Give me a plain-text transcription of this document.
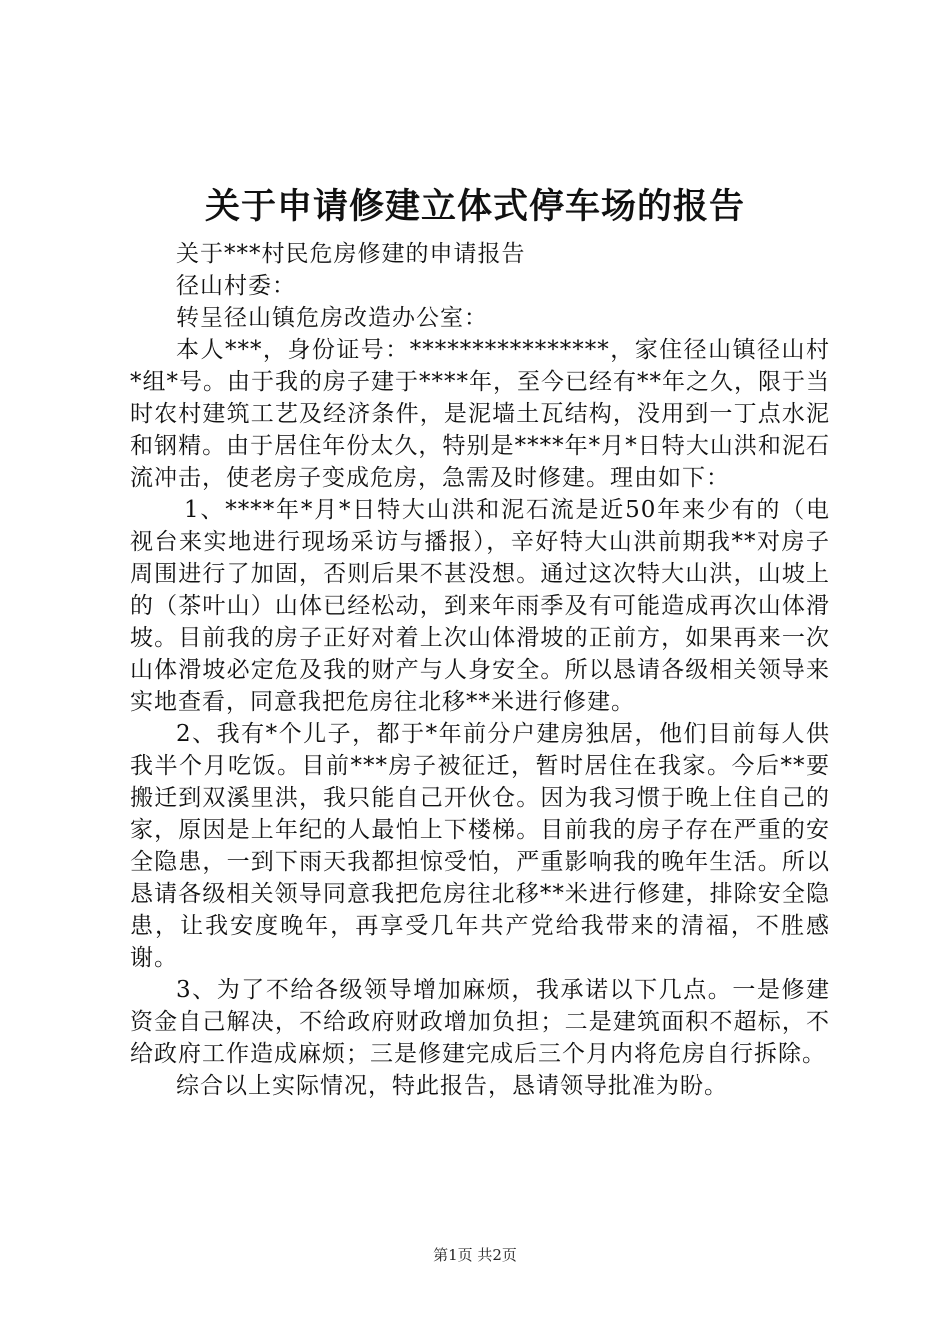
关于申请修建立体式停车场的报告

关于***村民危房修建的申请报告

径山村委：

转呈径山镇危房改造办公室：

本人***，身份证号：****************，家住径山镇径山村*组*号。由于我的房子建于****年，至今已经有**年之久，限于当时农村建筑工艺及经济条件，是泥墙土瓦结构，没用到一丁点水泥和钢精。由于居住年份太久，特别是****年*月*日特大山洪和泥石流冲击，使老房子变成危房，急需及时修建。理由如下：

1、****年*月*日特大山洪和泥石流是近50年来少有的（电视台来实地进行现场采访与播报），辛好特大山洪前期我**对房子周围进行了加固，否则后果不甚没想。通过这次特大山洪，山坡上的（茶叶山）山体已经松动，到来年雨季及有可能造成再次山体滑坡。目前我的房子正好对着上次山体滑坡的正前方，如果再来一次山体滑坡必定危及我的财产与人身安全。所以恳请各级相关领导来实地查看，同意我把危房往北移**米进行修建。

2、我有*个儿子，都于*年前分户建房独居，他们目前每人供我半个月吃饭。目前***房子被征迁，暂时居住在我家。今后**要搬迁到双溪里洪，我只能自己开伙仓。因为我习惯于晚上住自己的家，原因是上年纪的人最怕上下楼梯。目前我的房子存在严重的安全隐患，一到下雨天我都担惊受怕，严重影响我的晚年生活。所以恳请各级相关领导同意我把危房往北移**米进行修建，排除安全隐患，让我安度晚年，再享受几年共产党给我带来的清福，不胜感谢。

3、为了不给各级领导增加麻烦，我承诺以下几点。一是修建资金自己解决，不给政府财政增加负担；二是建筑面积不超标，不给政府工作造成麻烦；三是修建完成后三个月内将危房自行拆除。

综合以上实际情况，特此报告，恳请领导批准为盼。

第1页 共2页
